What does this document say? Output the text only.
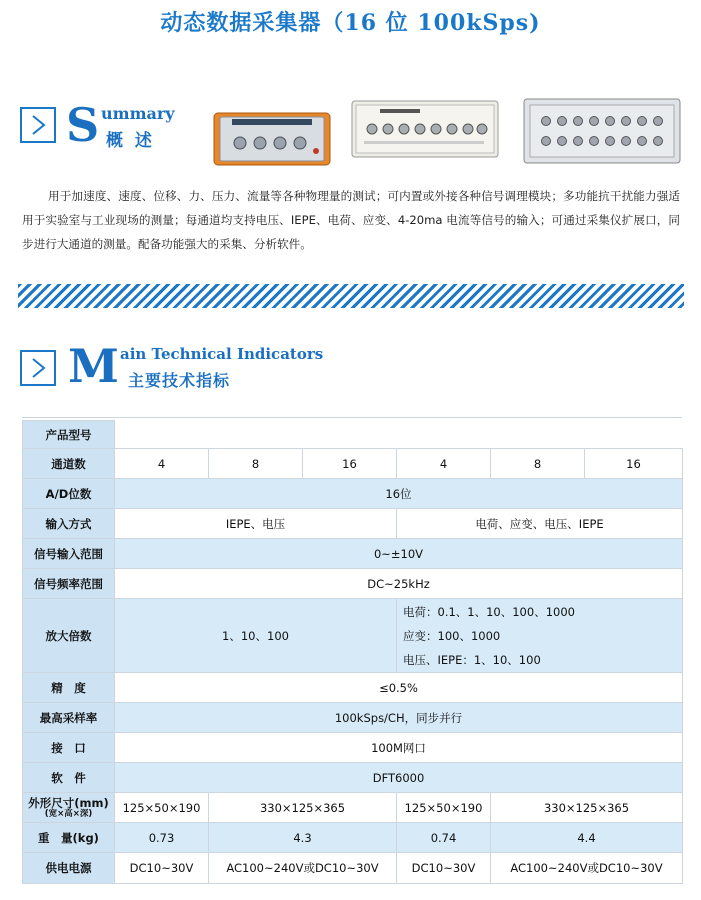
动态数据采集器（16 位 100kSps)
S ummary
概 述
用于加速度、速度、位移、力、压力、流量等各种物理量的测试；可内置或外接各种信号调理模块；多功能抗干扰能力强适用于实验室与工业现场的测量；每通道均支持电压、IEPE、电荷、应变、4-20ma 电流等信号的输入；可通过采集仪扩展口，同步进行大通道的测量。配备功能强大的采集、分析软件。
M ain Technical Indicators
主要技术指标
产品型号						
通道数	4	8	16	4	8	16
A/D位数	16位					
输入方式	IEPE、电压			电荷、应变、电压、IEPE		
信号输入范围	0~±10V					
信号频率范围	DC~25kHz					
放大倍数	1、10、100			电荷：0.1、1、10、100、1000
应变：100、1000
电压、IEPE：1、10、100		

精　度	≤0.5%					
最高采样率	100kSps/CH，同步并行					
接　口	100M网口					
软　件	DFT6000					
外形尺寸(mm)
(宽×高×深)	125×50×190	330×125×365		125×50×190	330×125×365	
重　量(kg)	0.73	4.3		0.74	4.4	
供电电源	DC10~30V	AC100~240V或DC10~30V		DC10~30V	AC100~240V或DC10~30V	
